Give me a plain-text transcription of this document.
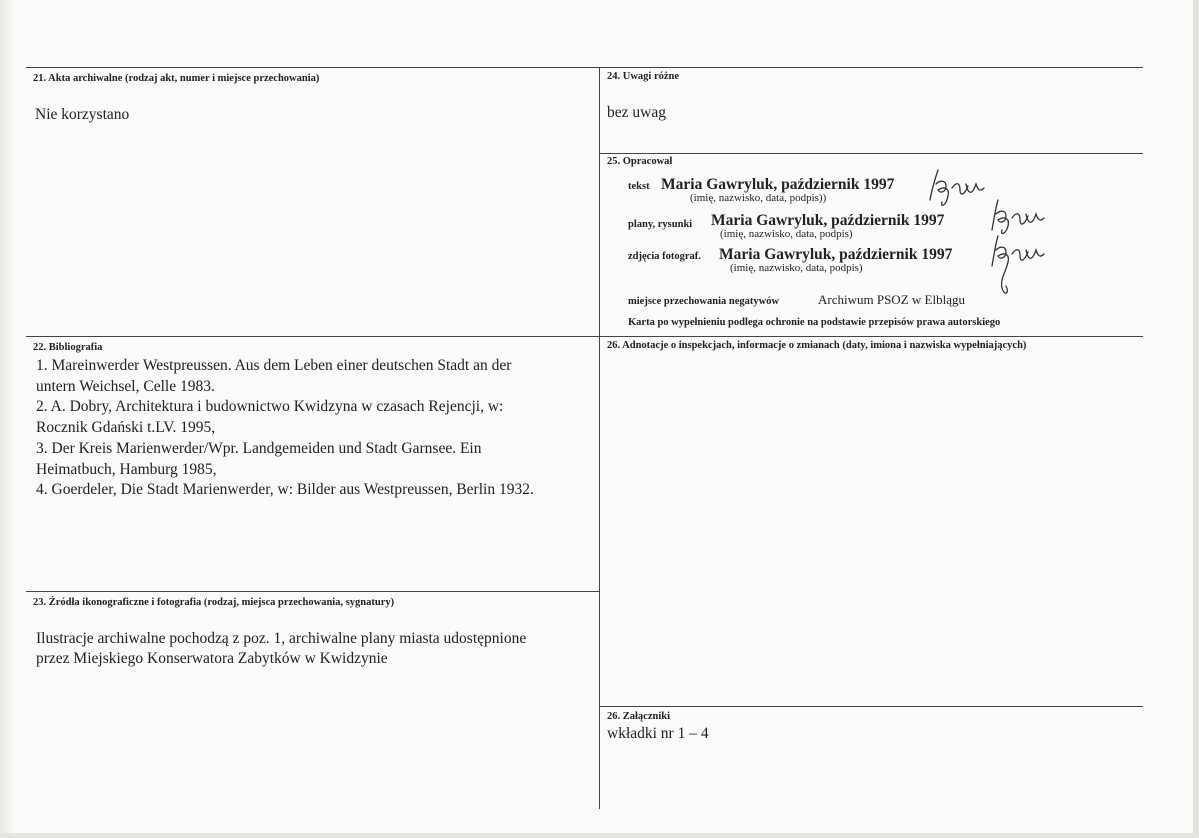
21. Akta archiwalne (rodzaj akt, numer i miejsce przechowania)
Nie korzystano
24. Uwagi różne
bez uwag
25. Opracował
tekst Maria Gawryluk, październik 1997
(imię, nazwisko, data, podpis))
plany, rysunki Maria Gawryluk, październik 1997
(imię, nazwisko, data, podpis)
zdjęcia fotograf. Maria Gawryluk, październik 1997
(imię, nazwisko, data, podpis)
miejsce przechowania negatywów	Archiwum PSOZ w Elblągu
Karta po wypełnieniu podlega ochronie na podstawie przepisów prawa autorskiego
22. Bibliografia
1. Mareinwerder Westpreussen. Aus dem Leben einer deutschen Stadt an der
untern Weichsel, Celle 1983.
2. A. Dobry, Architektura i budownictwo Kwidzyna w czasach Rejencji, w:
Rocznik Gdański t.LV. 1995,
3. Der Kreis Marienwerder/Wpr. Landgemeiden und Stadt Garnsee. Ein
Heimatbuch, Hamburg 1985,
4. Goerdeler, Die Stadt Marienwerder, w: Bilder aus Westpreussen, Berlin 1932.
26. Adnotacje o inspekcjach, informacje o zmianach (daty, imiona i nazwiska wypełniających)
23. Źródła ikonograficzne i fotografia (rodzaj, miejsca przechowania, sygnatury)
Ilustracje archiwalne pochodzą z poz. 1, archiwalne plany miasta udostępnione
przez Miejskiego Konserwatora Zabytków w Kwidzynie
26. Załączniki
wkładki nr 1 – 4
